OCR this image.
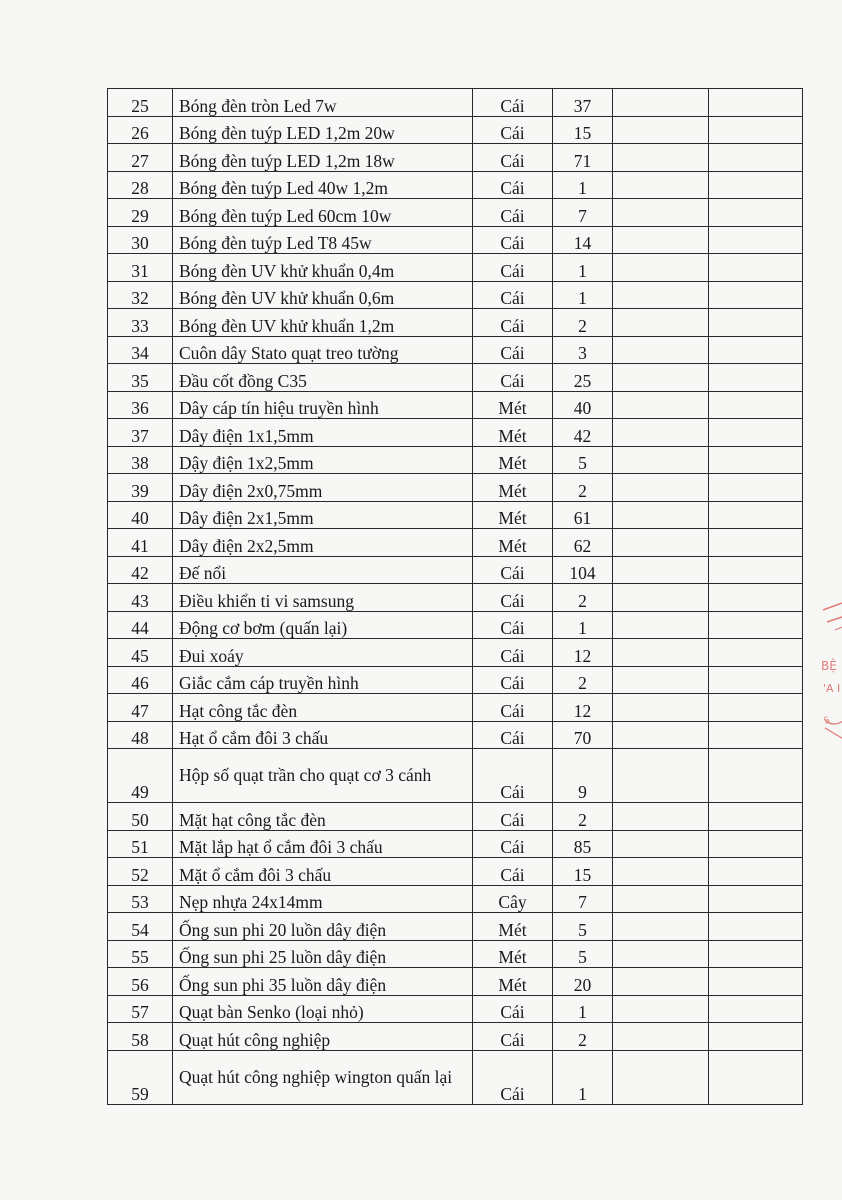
25	Bóng đèn tròn Led 7w	Cái	37		
26	Bóng đèn tuýp LED 1,2m 20w	Cái	15		
27	Bóng đèn tuýp LED 1,2m 18w	Cái	71		
28	Bóng đèn tuýp Led 40w 1,2m	Cái	1		
29	Bóng đèn tuýp Led 60cm 10w	Cái	7		
30	Bóng đèn tuýp Led T8 45w	Cái	14		
31	Bóng đèn UV khử khuẩn 0,4m	Cái	1		
32	Bóng đèn UV khử khuẩn 0,6m	Cái	1		
33	Bóng đèn UV khử khuẩn 1,2m	Cái	2		
34	Cuôn dây Stato quạt treo tường	Cái	3		
35	Đầu cốt đồng C35	Cái	25		
36	Dây cáp tín hiệu truyền hình	Mét	40		
37	Dây điện 1x1,5mm	Mét	42		
38	Dậy điện 1x2,5mm	Mét	5		
39	Dây điện 2x0,75mm	Mét	2		
40	Dây điện 2x1,5mm	Mét	61		
41	Dây điện 2x2,5mm	Mét	62		
42	Đế nổi	Cái	104		
43	Điều khiển ti vi samsung	Cái	2		
44	Động cơ bơm (quấn lại)	Cái	1		
45	Đui xoáy	Cái	12		
46	Giắc cắm cáp truyền hình	Cái	2		
47	Hạt công tắc đèn	Cái	12		
48	Hạt ổ cắm đôi 3 chấu	Cái	70		
49	Hộp số quạt trần cho quạt cơ 3 cánh	Cái	9		
50	Mặt hạt công tắc đèn	Cái	2		
51	Mặt lắp hạt ổ cắm đôi 3 chấu	Cái	85		
52	Mặt ổ cắm đôi 3 chấu	Cái	15		
53	Nẹp nhựa 24x14mm	Cây	7		
54	Ống sun phi 20 luồn dây điện	Mét	5		
55	Ống sun phi 25 luồn dây điện	Mét	5		
56	Ống sun phi 35 luồn dây điện	Mét	20		
57	Quạt bàn Senko (loại nhỏ)	Cái	1		
58	Quạt hút công nghiệp	Cái	2		
59	Quạt hút công nghiệp wington quấn lại	Cái	1		
BỆ
'A I
S
